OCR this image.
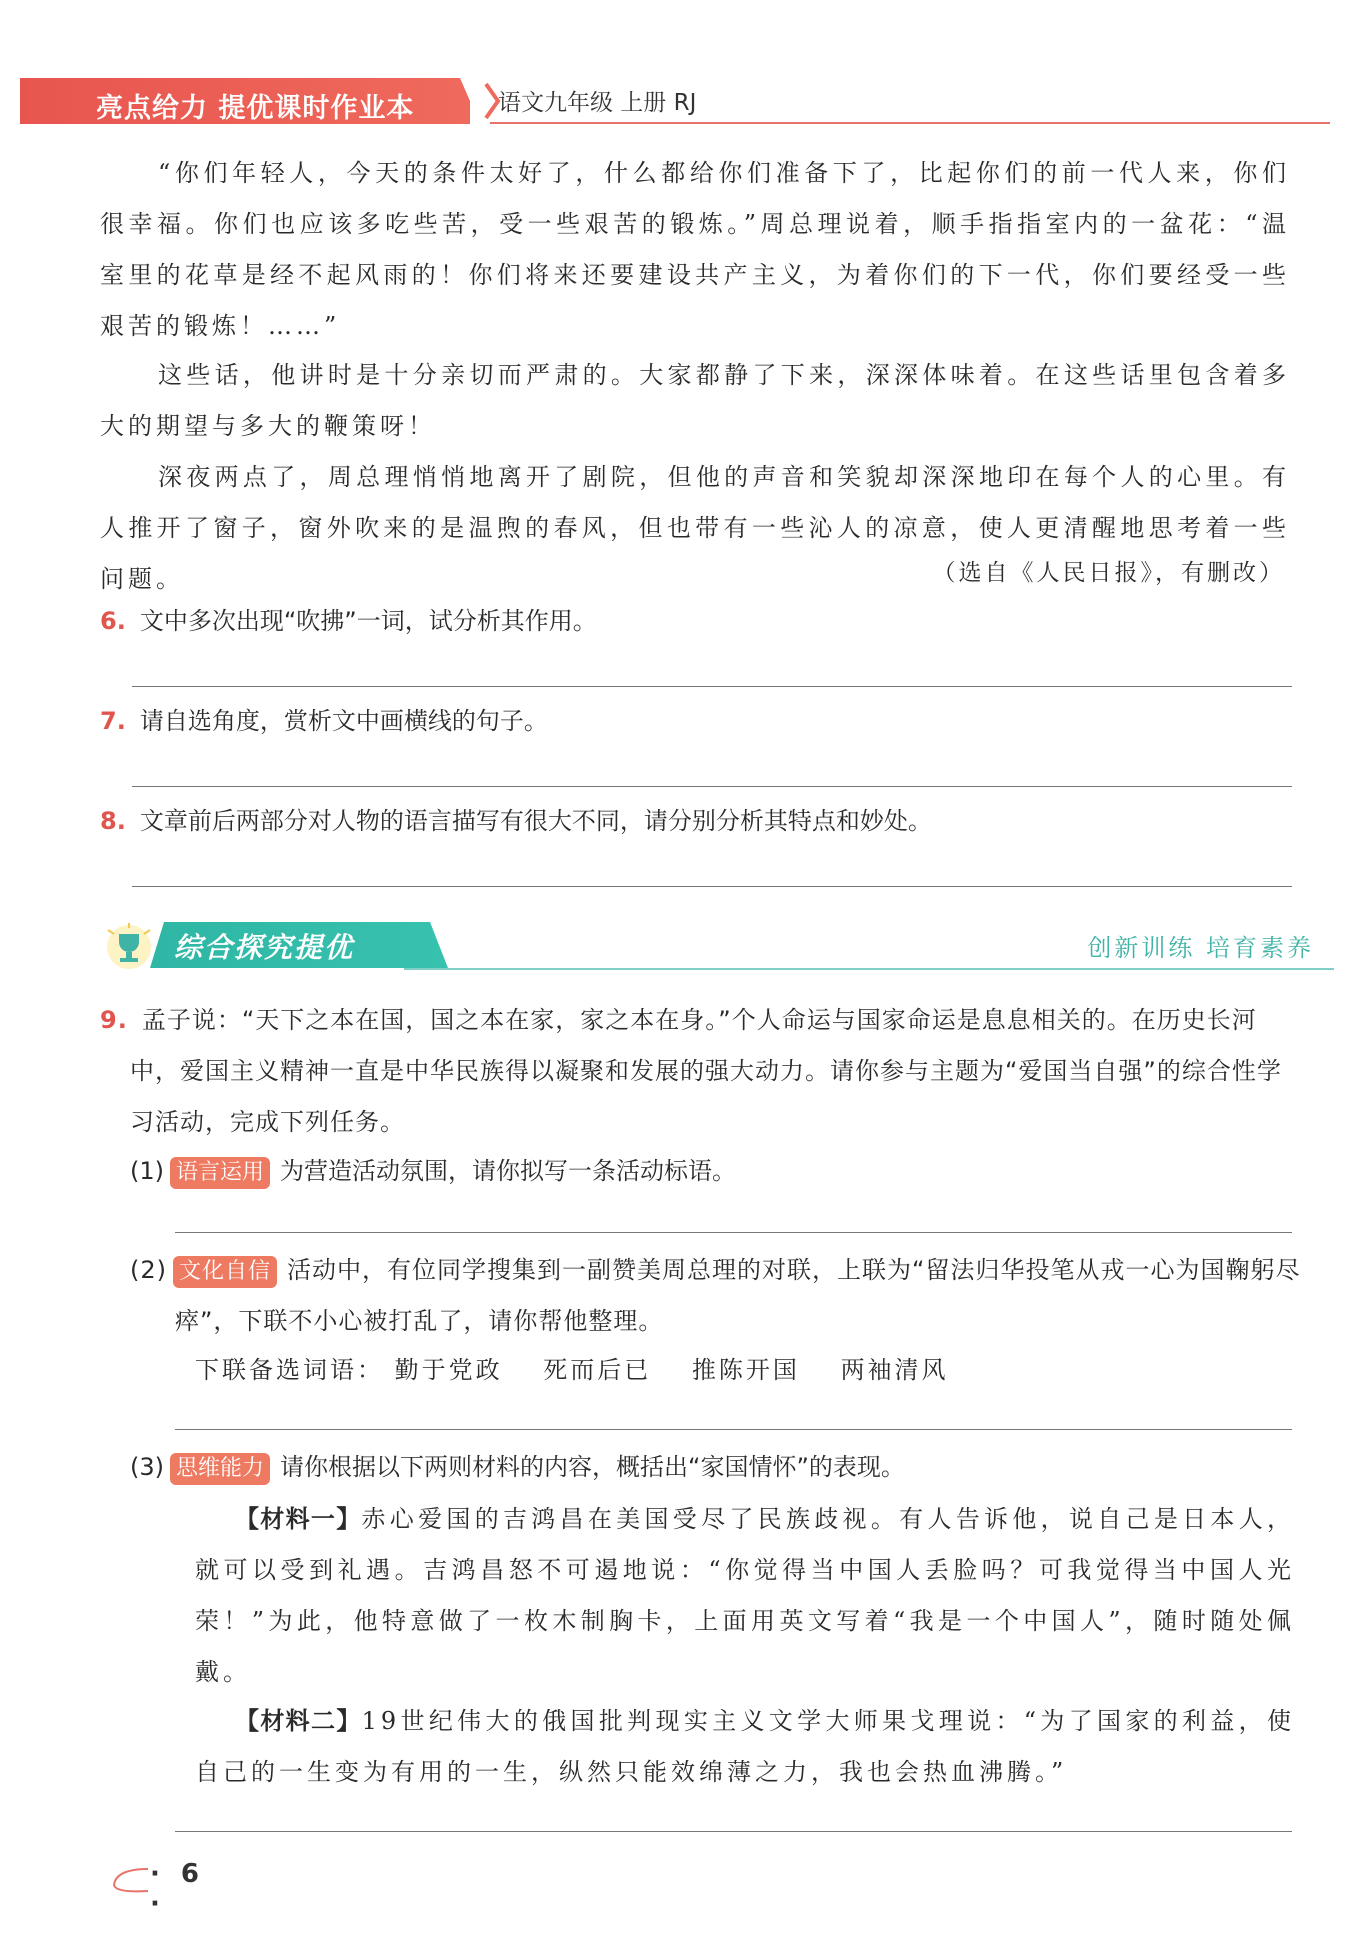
亮点给力 提优课时作业本	语文九年级 上册 RJ

“你们年轻人，今天的条件太好了，什么都给你们准备下了，比起你们的前一代人来，你们很幸福。你们也应该多吃些苦，受一些艰苦的锻炼。”周总理说着，顺手指指室内的一盆花：“温室里的花草是经不起风雨的！你们将来还要建设共产主义，为着你们的下一代，你们要经受一些艰苦的锻炼！……”

这些话，他讲时是十分亲切而严肃的。大家都静了下来，深深体味着。在这些话里包含着多大的期望与多大的鞭策呀！

深夜两点了，周总理悄悄地离开了剧院，但他的声音和笑貌却深深地印在每个人的心里。有人推开了窗子，窗外吹来的是温煦的春风，但也带有一些沁人的凉意，使人更清醒地思考着一些问题。	（选自《人民日报》，有删改）
6. 文中多次出现“吹拂”一词，试分析其作用。
7. 请自选角度，赏析文中画横线的句子。
8. 文章前后两部分对人物的语言描写有很大不同，请分别分析其特点和妙处。
综合探究提优	创新训练 培育素养
9. 孟子说：“天下之本在国，国之本在家，家之本在身。”个人命运与国家命运是息息相关的。在历史长河中，爱国主义精神一直是中华民族得以凝聚和发展的强大动力。请你参与主题为“爱国当自强”的综合性学习活动，完成下列任务。
(1) 语言运用 为营造活动氛围，请你拟写一条活动标语。
(2) 文化自信 活动中，有位同学搜集到一副赞美周总理的对联，上联为“留法归华投笔从戎一心为国鞠躬尽瘁”，下联不小心被打乱了，请你帮他整理。
下联备选词语： 勤于党政 死而后已 推陈开国 两袖清风
(3) 思维能力 请你根据以下两则材料的内容，概括出“家国情怀”的表现。

【材料一】赤心爱国的吉鸿昌在美国受尽了民族歧视。有人告诉他，说自己是日本人，就可以受到礼遇。吉鸿昌怒不可遏地说：“你觉得当中国人丢脸吗？可我觉得当中国人光荣！”为此，他特意做了一枚木制胸卡，上面用英文写着“我是一个中国人”，随时随处佩戴。

【材料二】19世纪伟大的俄国批判现实主义文学大师果戈理说：“为了国家的利益，使自己的一生变为有用的一生，纵然只能效绵薄之力，我也会热血沸腾。”

· 6 ·
